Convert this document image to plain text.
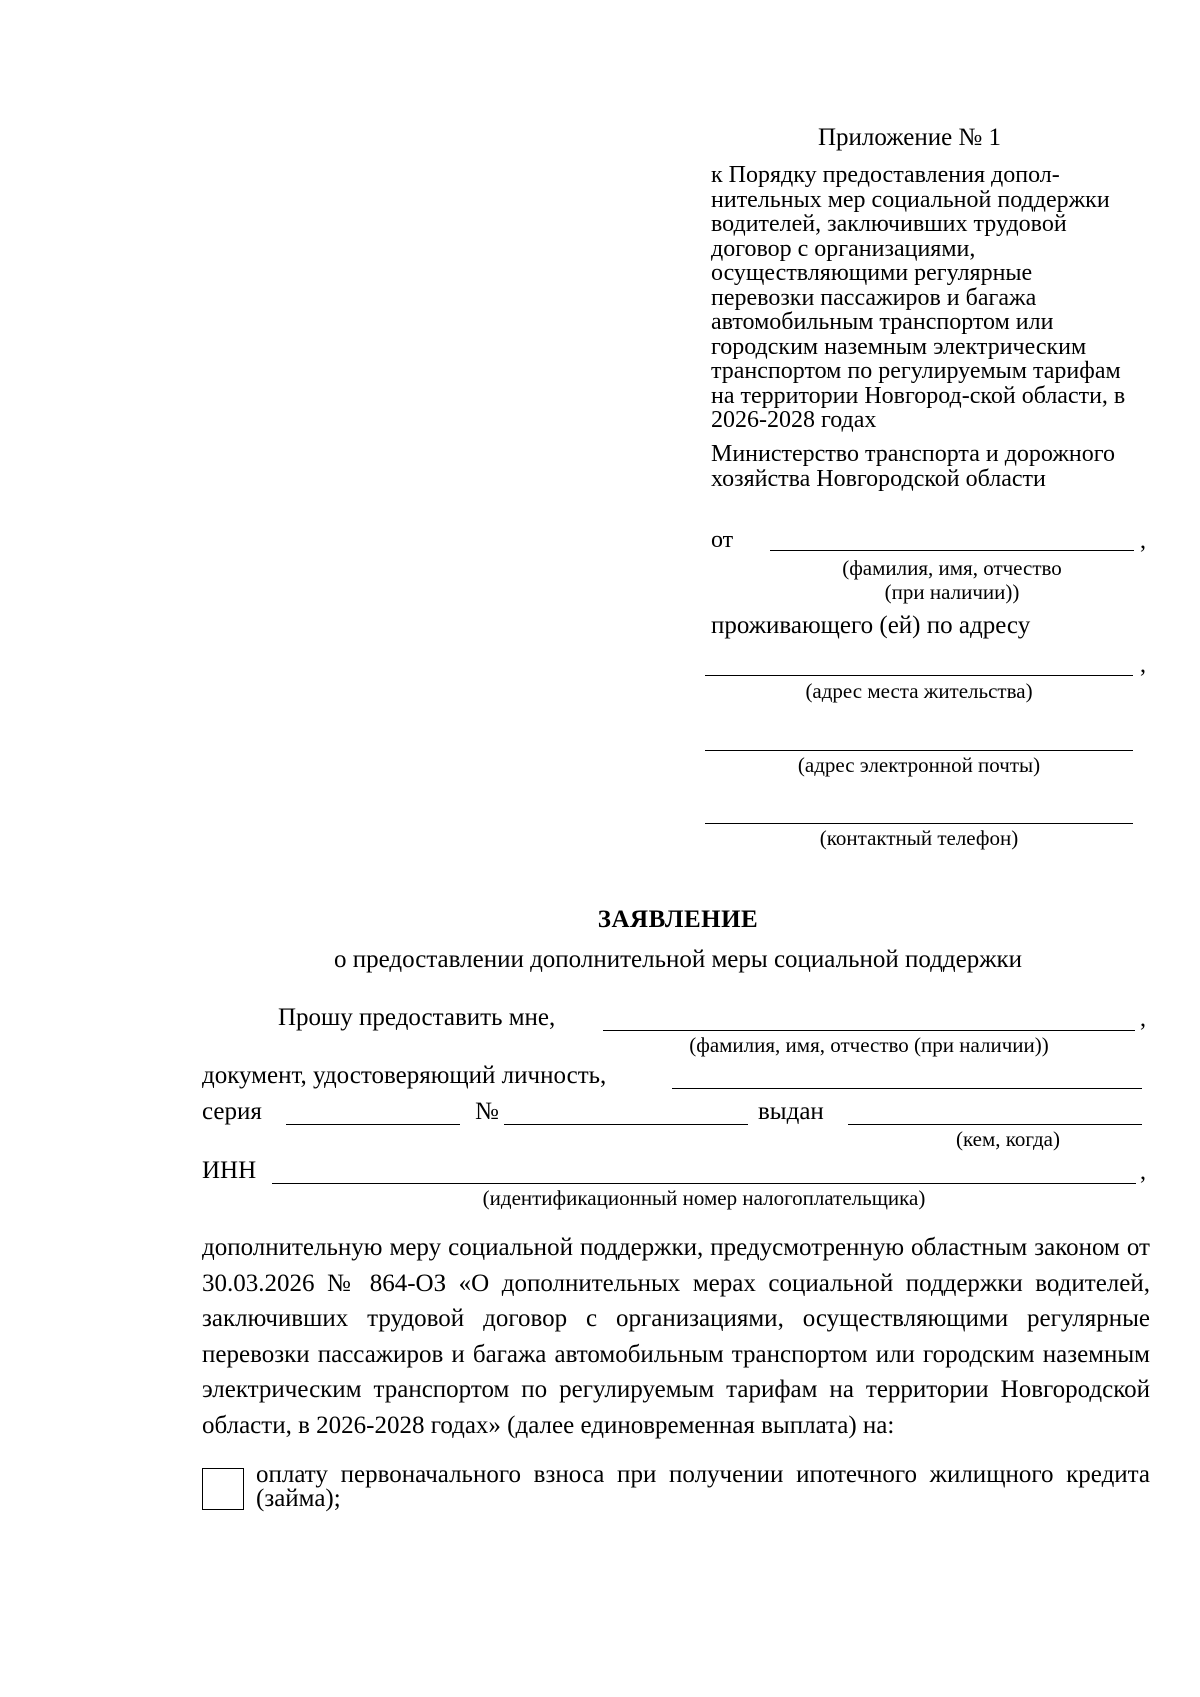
Приложение № 1
к Порядку предоставления допол-нительных мер социальной поддержки водителей, заключивших трудовой договор с организациями, осуществляющими регулярные перевозки пассажиров и багажа автомобильным транспортом или городским наземным электрическим транспортом по регулируемым тарифам на территории Новгород-ской области, в 2026-2028 годах
Министерство транспорта и дорожного хозяйства Новгородской области
от	,
(фамилия, имя, отчество
(при наличии))
проживающего (ей) по адресу
,
(адрес места жительства)
(адрес электронной почты)
(контактный телефон)
ЗАЯВЛЕНИЕ
о предоставлении дополнительной меры социальной поддержки
Прошу предоставить мне,	,
(фамилия, имя, отчество (при наличии))
документ, удостоверяющий личность,
серия	№	выдан
(кем, когда)
ИНН	,
(идентификационный номер налогоплательщика)
дополнительную меру социальной поддержки, предусмотренную областным законом от 30.03.2026 № 864-ОЗ «О дополнительных мерах социальной поддержки водителей, заключивших трудовой договор с организациями, осуществляющими регулярные перевозки пассажиров и багажа автомобильным транспортом или городским наземным электрическим транспортом по регулируемым тарифам на территории Новгородской области, в 2026-2028 годах» (далее единовременная выплата) на:
оплату первоначального взноса при получении ипотечного жилищного кредита (займа);
